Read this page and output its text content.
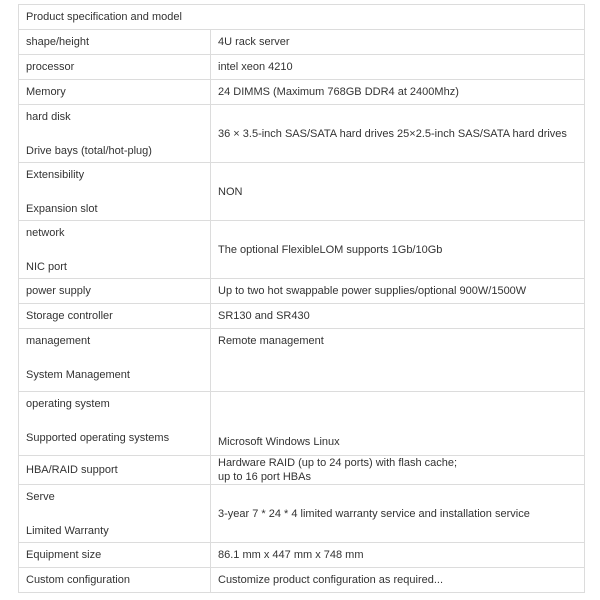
Product specification and model	

shape/height	4U rack server

processor	intel xeon 4210

Memory	24 DIMMS (Maximum 768GB DDR4 at 2400Mhz)

hard disk
Drive bays (total/hot-plug)	36 × 3.5-inch SAS/SATA hard drives 25×2.5-inch SAS/SATA hard drives

Extensibility
Expansion slot	NON

network
NIC port	The optional FlexibleLOM supports 1Gb/10Gb

power supply	Up to two hot swappable power supplies/optional 900W/1500W

Storage controller	SR130 and SR430

management
System Management	Remote management

operating system
Supported operating systems	Microsoft Windows Linux

HBA/RAID support	Hardware RAID (up to 24 ports) with flash cache;
up to 16 port HBAs

Serve
Limited Warranty	3-year 7 * 24 * 4 limited warranty service and installation service

Equipment size	86.1 mm x 447 mm x 748 mm

Custom configuration	Customize product configuration as required...
